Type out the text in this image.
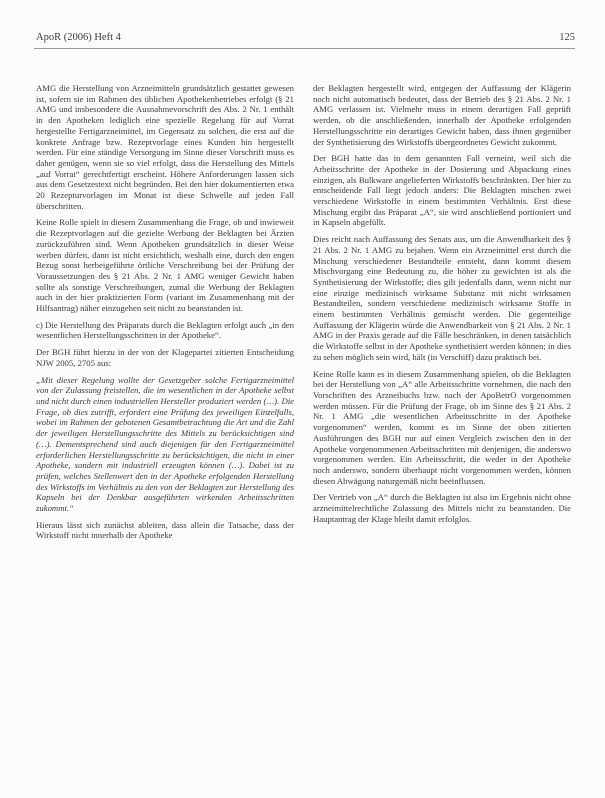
ApoR (2006) Heft 4	125

AMG die Herstellung von Arzneimitteln grundsätzlich gestattet gewesen ist, sofern sie im Rahmen des üblichen Apothekenbetriebes erfolgt (§ 21 AMG und insbesondere die Ausnahmevorschrift des Abs. 2 Nr. 1 enthält in den Apotheken lediglich eine spezielle Regelung für auf Vorrat hergestellte Fertigarzneimittel, im Gegensatz zu solchen, die erst auf die konkrete Anfrage bzw. Rezeptvorlage eines Kunden hin hergestellt werden. Für eine ständige Versorgung im Sinne dieser Vorschrift muss es daher genügen, wenn sie so viel erfolgt, dass die Herstellung des Mittels „auf Vorrat“ gerechtfertigt erscheint. Höhere Anforderungen lassen sich aus dem Gesetzestext nicht begründen. Bei den hier dokumentierten etwa 20 Rezepturvorlagen im Monat ist diese Schwelle auf jeden Fall überschritten.

Keine Rolle spielt in diesem Zusammenhang die Frage, ob und inwieweit die Rezeptvorlagen auf die gezielte Werbung der Beklagten bei Ärzten zurückzuführen sind. Wenn Apotheken grundsätzlich in dieser Weise werben dürfen, dann ist nicht ersichtlich, weshalb eine, durch den engen Bezug sonst herbeigeführte örtliche Verschreibung bei der Prüfung der Voraussetzungen des § 21 Abs. 2 Nr. 1 AMG weniger Gewicht haben sollte als sonstige Verschreibungen, zumal die Werbung der Beklagten auch in der hier praktizierten Form (variant im Zusammenhang mit der Hilfsantrag) näher einzugehen seit nicht zu beanstanden ist.

c) Die Herstellung des Präparats durch die Beklagten erfolgt auch „in den wesentlichen Herstellungsschritten in der Apotheke“.

Der BGH führt hierzu in der von der Klagepartei zitierten Entscheidung NJW 2005, 2705 aus:

„Mit dieser Regelung wollte der Gesetzgeber solche Fertigarzneimittel von der Zulassung freistellen, die im wesentlichen in der Apotheke selbst und nicht durch einen industriellen Hersteller produziert werden (…). Die Frage, ob dies zutrifft, erfordert eine Prüfung des jeweiligen Einzelfalls, wobei im Rahmen der gebotenen Gesamtbetrachtung die Art und die Zahl der jeweiligen Herstellungsschritte des Mittels zu berücksichtigen sind (…). Dementsprechend sind auch diejenigen für den Fertigarzneimittel erforderlichen Herstellungsschritte zu berücksichtigen, die nicht in einer Apotheke, sondern mit industriell erzeugten können (…). Dabei ist zu prüfen, welches Stellenwert den in der Apotheke erfolgenden Herstellung des Wirkstoffs im Verhältnis zu den von der Beklagten zur Herstellung des Kapseln bei der Denkbar ausgeführten wirkenden Arbeitsschritten zukommt.“

Hieraus lässt sich zunächst ableiten, dass allein die Tatsache, dass der Wirkstoff nicht innerhalb der Apotheke

der Beklagten hergestellt wird, entgegen der Auffassung der Klägerin noch nicht automatisch bedeutet, dass der Betrieb des § 21 Abs. 2 Nr. 1 AMG verlassen ist. Vielmehr muss in einem derartigen Fall geprüft werden, ob die anschließenden, innerhalb der Apotheke erfolgenden Herstellungsschritte ein derartiges Gewicht haben, dass ihnen gegenüber der Synthetisierung des Wirkstoffs übergeordnetes Gewicht zukommt.

Der BGH hatte das in dem genannten Fall verneint, weil sich die Arbeitsschritte der Apotheke in der Dosierung und Abpackung eines einzigen, als Bulkware angelieferten Wirkstoffs beschränkten. Der hier zu entscheidende Fall liegt jedoch anders: Die Beklagten mischen zwei verschiedene Wirkstoffe in einem bestimmten Verhältnis. Erst diese Mischung ergibt das Präparat „A“, sie wird anschließend portioniert und in Kapseln abgefüllt.

Dies reicht nach Auffassung des Senats aus, um die Anwendbarkeit des § 21 Abs. 2 Nr. 1 AMG zu bejahen. Wenn ein Arzneimittel erst durch die Mischung verschiedener Bestandteile entsteht, dann kommt diesem Mischvorgang eine Bedeutung zu, die höher zu gewichten ist als die Synthetisierung der Wirkstoffe; dies gilt jedenfalls dann, wenn nicht nur eine einzige medizinisch wirksame Substanz mit nicht wirksamen Bestandteilen, sondern verschiedene medizinisch wirksame Stoffe in einem bestimmten Verhältnis gemischt werden. Die gegenteilige Auffassung der Klägerin würde die Anwendbarkeit von § 21 Abs. 2 Nr. 1 AMG in der Praxis gerade auf die Fälle beschränken, in denen tatsächlich die Wirkstoffe selbst in der Apotheke synthetisiert werden können; in dies zu sehen möglich sein wird, hält (in Verschiff) dazu praktisch bei.

Keine Rolle kann es in diesem Zusammenhang spielen, ob die Beklagten bei der Herstellung von „A“ alle Arbeitsschritte vornehmen, die nach den Vorschriften des Arzneibuchs bzw. nach der ApoBetrO vorgenommen werden müssen. Für die Prüfung der Frage, ob im Sinne des § 21 Abs. 2 Nr. 1 AMG „die wesentlichen Arbeitsschritte in der Apotheke vorgenommen“ werden, kommt es im Sinne der oben zitierten Ausführungen des BGH nur auf einen Vergleich zwischen den in der Apotheke vorgenommenen Arbeitsschritten mit denjenigen, die anderswo vorgenommen werden. Ein Arbeitsschritt, die weder in der Apotheke noch anderswo, sondern überhaupt nicht vorgenommen werden, können diesen Abwägung naturgemäß nicht beeinflussen.

Der Vertrieb von „A“ durch die Beklagten ist also im Ergebnis nicht ohne arzneimittelrechtliche Zulassung des Mittels nicht zu beanstanden. Die Hauptantrag der Klage bleibt damit erfolglos.
